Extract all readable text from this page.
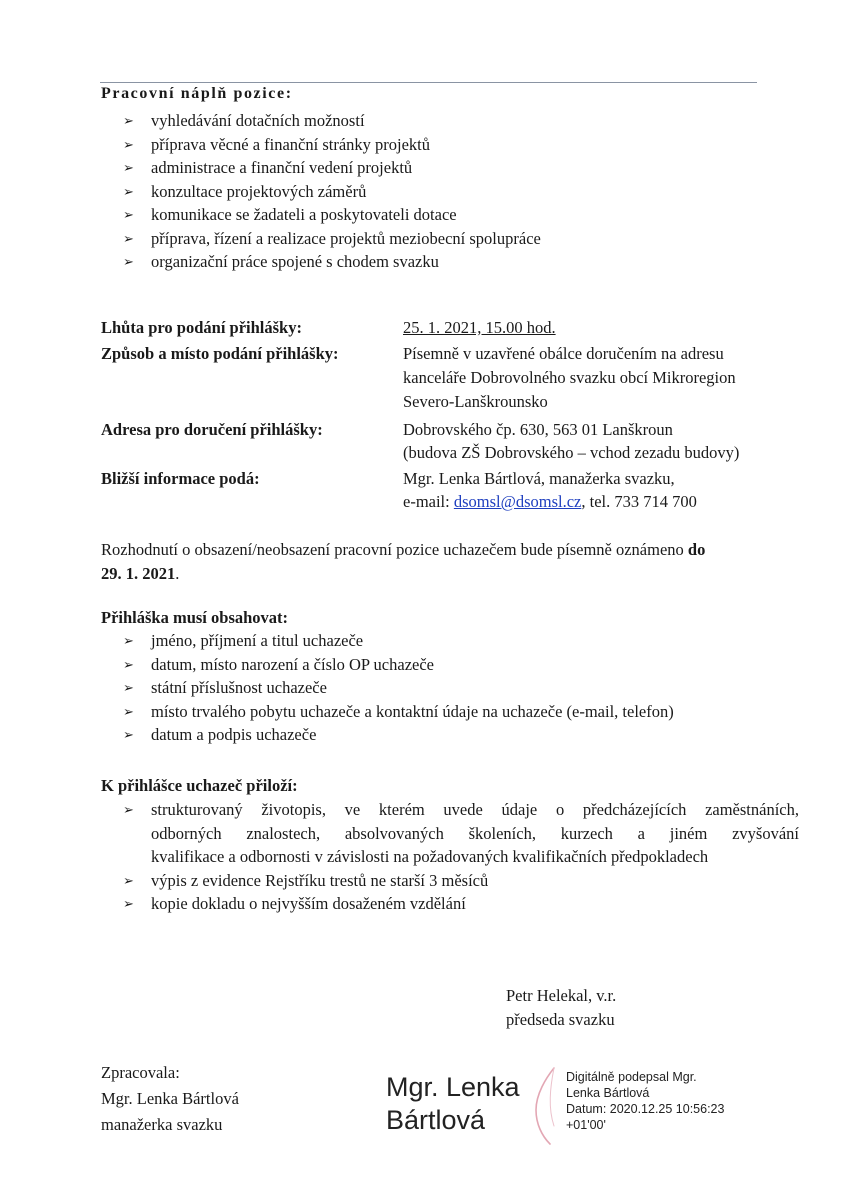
Pracovní náplň pozice:
➢	vyhledávání dotačních možností
➢	příprava věcné a finanční stránky projektů
➢	administrace a finanční vedení projektů
➢	konzultace projektových záměrů
➢	komunikace se žadateli a poskytovateli dotace
➢	příprava, řízení a realizace projektů meziobecní spolupráce
➢	organizační práce spojené s chodem svazku
Lhůta pro podání přihlášky:	25. 1. 2021, 15.00 hod.
Způsob a místo podání přihlášky:	Písemně v uzavřené obálce doručením na adresu
kanceláře Dobrovolného svazku obcí Mikroregion
Severo-Lanškrounsko
Adresa pro doručení přihlášky:	Dobrovského čp. 630, 563 01 Lanškroun
(budova ZŠ Dobrovského – vchod zezadu budovy)
Bližší informace podá:	Mgr. Lenka Bártlová, manažerka svazku,
e-mail: dsomsl@dsomsl.cz, tel. 733 714 700
Rozhodnutí o obsazení/neobsazení pracovní pozice uchazečem bude písemně oznámeno do
29. 1. 2021.
Přihláška musí obsahovat:
➢	jméno, příjmení a titul uchazeče
➢	datum, místo narození a číslo OP uchazeče
➢	státní příslušnost uchazeče
➢	místo trvalého pobytu uchazeče a kontaktní údaje na uchazeče (e-mail, telefon)
➢	datum a podpis uchazeče
K přihlášce uchazeč přiloží:
➢	strukturovaný životopis, ve kterém uvede údaje o předcházejících zaměstnáních,
odborných znalostech, absolvovaných školeních, kurzech a jiném zvyšování
kvalifikace a odbornosti v závislosti na požadovaných kvalifikačních předpokladech
➢	výpis z evidence Rejstříku trestů ne starší 3 měsíců
➢	kopie dokladu o nejvyšším dosaženém vzdělání
Petr Helekal, v.r.
předseda svazku
Zpracovala:
Mgr. Lenka Bártlová
manažerka svazku
Mgr. Lenka
Bártlová
Digitálně podepsal Mgr.
Lenka Bártlová
Datum: 2020.12.25 10:56:23
+01'00'
